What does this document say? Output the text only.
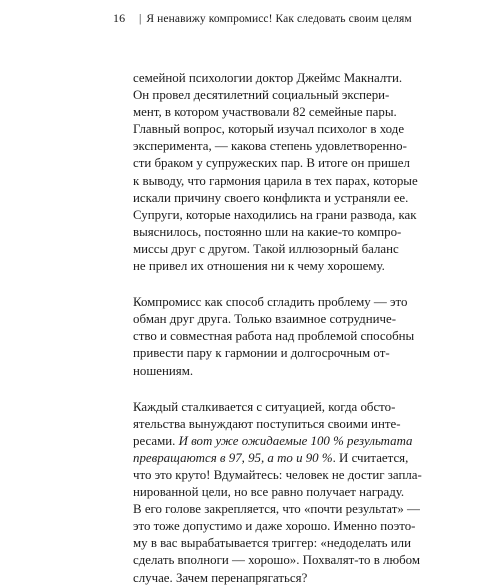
16 | Я ненавижу компромисс! Как следовать своим целям

семейной психологии доктор Джеймс Макналти.
Он провел десятилетний социальный экспери-
мент, в котором участвовали 82 семейные пары.
Главный вопрос, который изучал психолог в ходе
эксперимента, — какова степень удовлетворенно-
сти браком у супружеских пар. В итоге он пришел
к выводу, что гармония царила в тех парах, которые
искали причину своего конфликта и устраняли ее.
Супруги, которые находились на грани развода, как
выяснилось, постоянно шли на какие-то компро-
миссы друг с другом. Такой иллюзорный баланс
не привел их отношения ни к чему хорошему.

Компромисс как способ сгладить проблему — это
обман друг друга. Только взаимное сотрудниче-
ство и совместная работа над проблемой способны
привести пару к гармонии и долгосрочным от-
ношениям.

Каждый сталкивается с ситуацией, когда обсто-
ятельства вынуждают поступиться своими инте-
ресами. И вот уже ожидаемые 100 % результата
превращаются в 97, 95, а то и 90 %. И считается,
что это круто! Вдумайтесь: человек не достиг запла-
нированной цели, но все равно получает награду.
В его голове закрепляется, что «почти результат» —
это тоже допустимо и даже хорошо. Именно поэто-
му в вас вырабатывается триггер: «недоделать или
сделать вполноги — хорошо». Похвалят-то в любом
случае. Зачем перенапрягаться?
